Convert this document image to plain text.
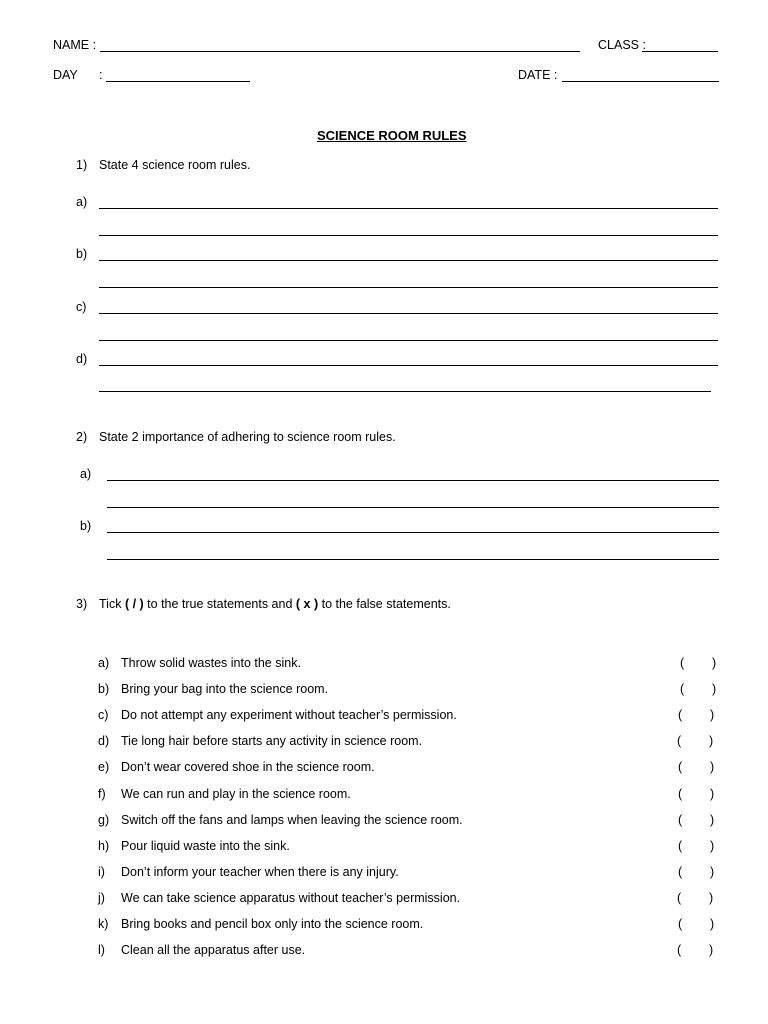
NAME :	CLASS :
DAY :	DATE :
SCIENCE ROOM RULES
1) State 4 science room rules.
a)
b)
c)
d)
2) State 2 importance of adhering to science room rules.
a)
b)
3) Tick ( / ) to the true statements and ( x ) to the false statements.
a) Throw solid wastes into the sink.	( )
b) Bring your bag into the science room.	( )
c) Do not attempt any experiment without teacher’s permission.	( )
d) Tie long hair before starts any activity in science room.	( )
e) Don’t wear covered shoe in the science room.	( )
f) We can run and play in the science room.	( )
g) Switch off the fans and lamps when leaving the science room.	( )
h) Pour liquid waste into the sink.	( )
i) Don’t inform your teacher when there is any injury.	( )
j) We can take science apparatus without teacher’s permission.	( )
k) Bring books and pencil box only into the science room.	( )
l) Clean all the apparatus after use.	( )
